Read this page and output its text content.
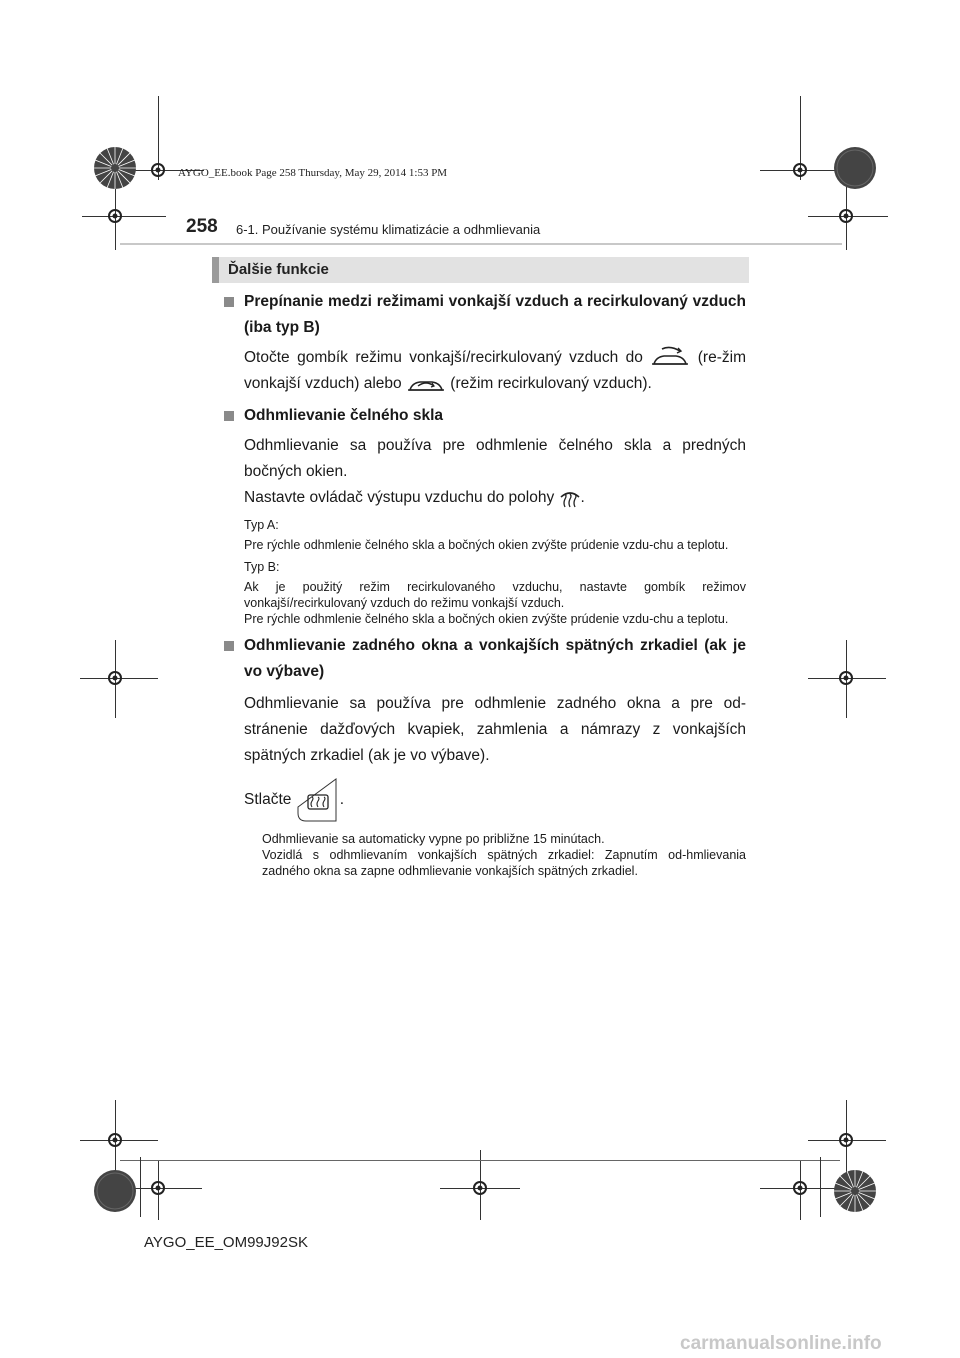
AYGO_EE.book Page 258 Thursday, May 29, 2014 1:53 PM
258 6-1. Používanie systému klimatizácie a odhmlievania
Ďalšie funkcie
Prepínanie medzi režimami vonkajší vzduch a recirkulovaný vzduch (iba typ B)
Otočte gombík režimu vonkajší/recirkulovaný vzduch do	(re-žim vonkajší vzduch) alebo	(režim recirkulovaný vzduch).
Odhmlievanie čelného skla
Odhmlievanie sa používa pre odhmlenie čelného skla a predných bočných okien.
Nastavte ovládač výstupu vzduchu do polohy .
Typ A:
Pre rýchle odhmlenie čelného skla a bočných okien zvýšte prúdenie vzdu-chu a teplotu.
Typ B:
Ak je použitý režim recirkulovaného vzduchu, nastavte gombík režimov vonkajší/recirkulovaný vzduch do režimu vonkajší vzduch.
Pre rýchle odhmlenie čelného skla a bočných okien zvýšte prúdenie vzdu-chu a teplotu.
Odhmlievanie zadného okna a vonkajších spätných zrkadiel (ak je vo výbave)
Odhmlievanie sa používa pre odhmlenie zadného okna a pre od-stránenie dažďových kvapiek, zahmlenia a námrazy z vonkajších spätných zrkadiel (ak je vo výbave).
Stlačte	.
Odhmlievanie sa automaticky vypne po približne 15 minútach.
Vozidlá s odhmlievaním vonkajších spätných zrkadiel: Zapnutím od-hmlievania zadného okna sa zapne odhmlievanie vonkajších spätných zrkadiel.
AYGO_EE_OM99J92SK
carmanualsonline.info
